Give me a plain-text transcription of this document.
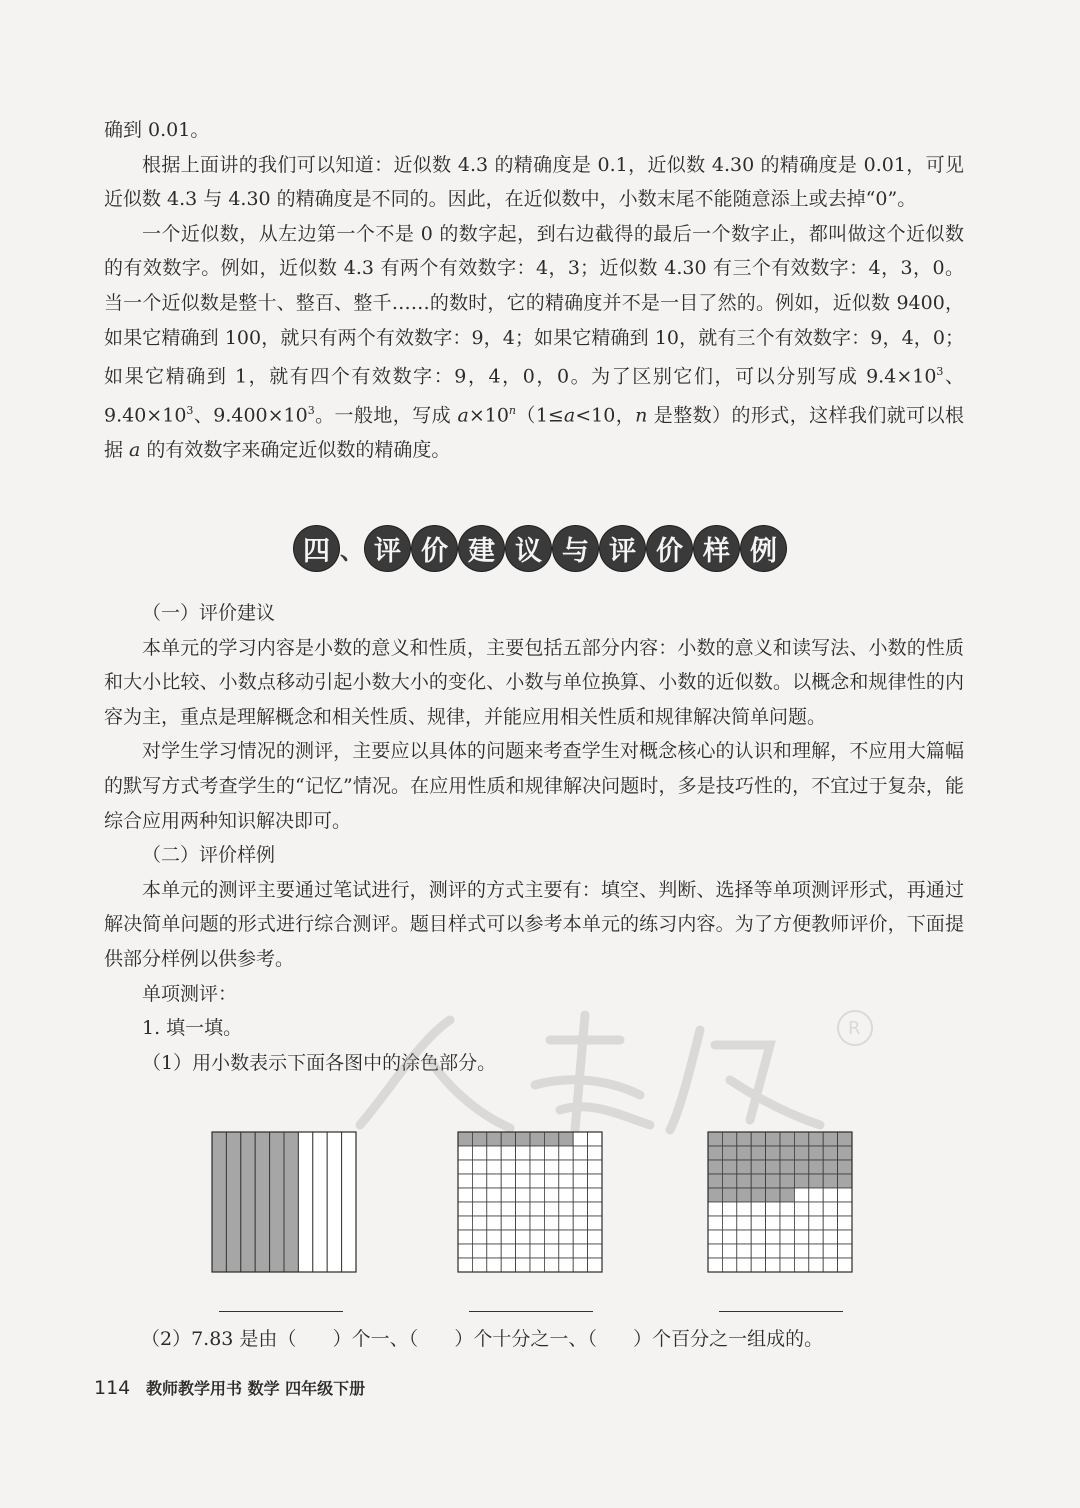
确到 0.01。

根据上面讲的我们可以知道：近似数 4.3 的精确度是 0.1，近似数 4.30 的精确度是 0.01，可见近似数 4.3 与 4.30 的精确度是不同的。因此，在近似数中，小数末尾不能随意添上或去掉“0”。

一个近似数，从左边第一个不是 0 的数字起，到右边截得的最后一个数字止，都叫做这个近似数的有效数字。例如，近似数 4.3 有两个有效数字：4，3；近似数 4.30 有三个有效数字：4，3，0。当一个近似数是整十、整百、整千……的数时，它的精确度并不是一目了然的。例如，近似数 9400，如果它精确到 100，就只有两个有效数字：9，4；如果它精确到 10，就有三个有效数字：9，4，0；如果它精确到 1，就有四个有效数字：9，4，0，0。为了区别它们，可以分别写成 $9.4\times 10^3$、$9.40\times 10^3$、$9.400\times 10^3$。一般地，写成 $a\times 10^n(1\le a<10$，n 是整数）的形式，这样我们就可以根据 a 的有效数字来确定近似数的精确度。

四 、 评 价 建 议 与 评 价 样 例

（一）评价建议

本单元的学习内容是小数的意义和性质，主要包括五部分内容：小数的意义和读写法、小数的性质和大小比较、小数点移动引起小数大小的变化、小数与单位换算、小数的近似数。以概念和规律性的内容为主，重点是理解概念和相关性质、规律，并能应用相关性质和规律解决简单问题。

对学生学习情况的测评，主要应以具体的问题来考查学生对概念核心的认识和理解，不应用大篇幅的默写方式考查学生的“记忆”情况。在应用性质和规律解决问题时，多是技巧性的，不宜过于复杂，能综合应用两种知识解决即可。

（二）评价样例

本单元的测评主要通过笔试进行，测评的方式主要有：填空、判断、选择等单项测评形式，再通过解决简单问题的形式进行综合测评。题目样式可以参考本单元的练习内容。为了方便教师评价，下面提供部分样例以供参考。

单项测评：

1. 填一填。

（1）用小数表示下面各图中的涂色部分。

R
（2）7.83 是由（      ）个一、（      ）个十分之一、（      ）个百分之一组成的。
114 教师教学用书 数学 四年级下册
